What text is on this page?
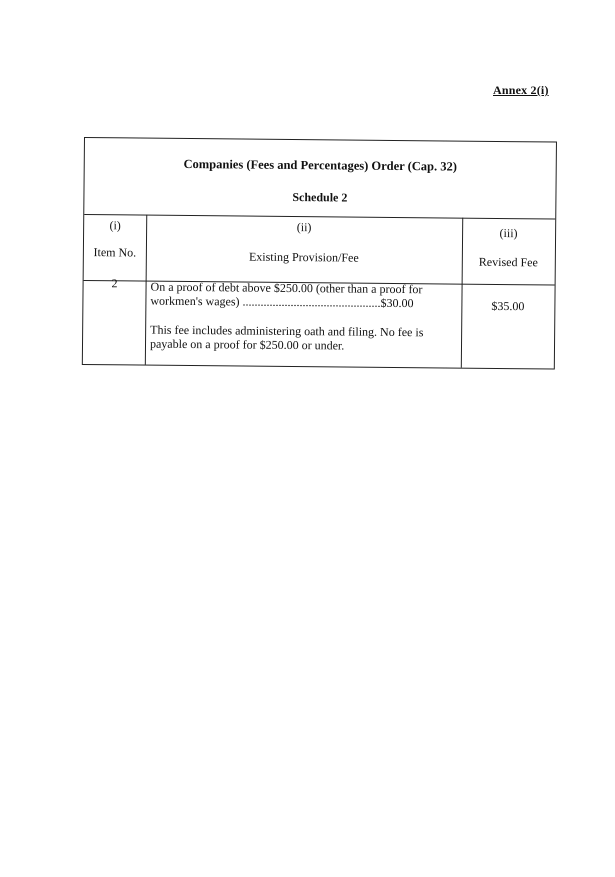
Annex 2(i)
Companies (Fees and Percentages) Order (Cap. 32)
Schedule 2
(i)
Item No.
(ii)
Existing Provision/Fee
(iii)
Revised Fee
2	On a proof of debt above $250.00 (other than a proof for
workmen's wages) ..............................................$30.00
This fee includes administering oath and filing. No fee is
payable on a proof for $250.00 or under.
$35.00
